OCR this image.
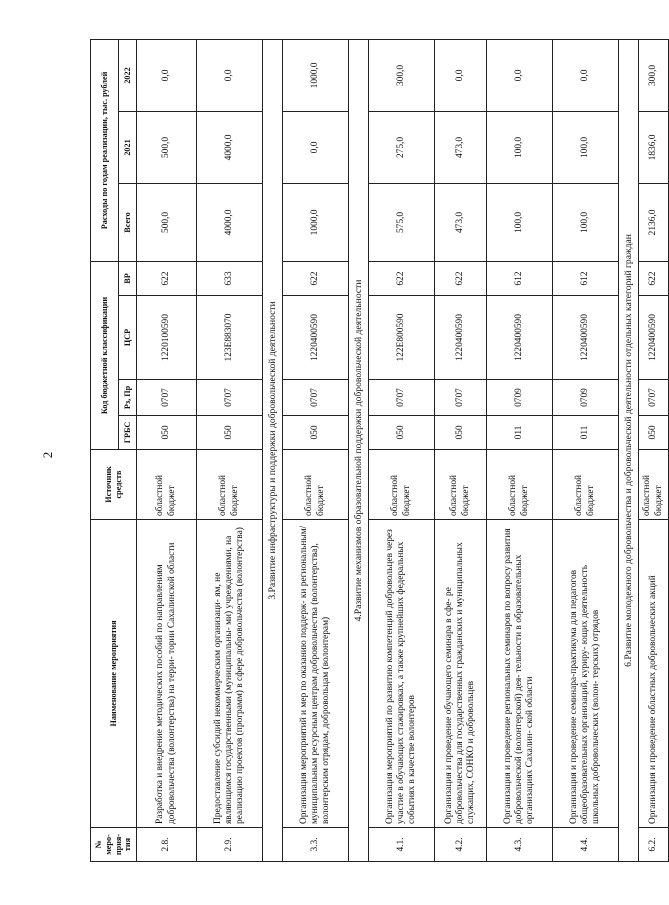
2
№ меро- прия- тия	Наименование мероприятия	Источник средств	Код бюджетной классификации				Расходы по годам реализации, тыс. рублей		
			ГРБС	Рз, Пр	ЦСР	ВР	Всего	2021	2022
2.8.	Разработка и внедрение методических пособий по направлениям добровольчества (волонтерства) на терри- тории Сахалинской области	областной бюджет	050	0707	1220100590	622	500,0	500,0	0,0
2.9.	Предоставление субсидий некоммерческим организаци- ям, не являющимся государственными (муниципальны- ми) учреждениями, на реализацию проектов (программ) в сфере добровольчества (волонтерства)	областной бюджет	050	0707	123E883070	633	4000,0	4000,0	0,0
3.Развитие инфраструктуры и поддержки добровольческой деятельности									
3.3.	Организация мероприятий и мер по оказанию поддерж- ки региональным/муниципальным ресурсным центрам добровольчества (волонтерства), волонтерским отрядам, добровольцам (волонтерам)	областной бюджет	050	0707	1220400590	622	1000,0	0,0	1000,0
4.Развитие механизмов образовательной поддержки добровольческой деятельности									
4.1.	Организация мероприятий по развитию компетенций добровольцев через участие в обучающих стажировках, а также крупнейших федеральных событиях в качестве волонтеров	областной бюджет	050	0707	122E800590	622	575,0	275,0	300,0
4.2.	Организация и проведение обучающего семинара в сфе- ре добровольчества для государственных гражданских и муниципальных служащих, СОНКО и добровольцев	областной бюджет	050	0707	1220400590	622	473,0	473,0	0,0
4.3.	Организация и проведение региональных семинаров по вопросу развития добровольческой (волонтерской) дея- тельности в образовательных организациях Сахалин- ской области	областной бюджет	011	0709	1220400590	612	100,0	100,0	0,0
4.4.	Организация и проведение семинара-практикума для педагогов общеобразовательных организаций, куриру- ющих деятельность школьных добровольческих (волон- терских) отрядов	областной бюджет	011	0709	1220400590	612	100,0	100,0	0,0
6.Развитие молодежного добровольчества и добровольческой деятельности отдельных категорий граждан									
6.2.	Организация и проведение областных добровольческих акций	областной бюджет	050	0707	1220400590	622	2136,0	1836,0	300,0
